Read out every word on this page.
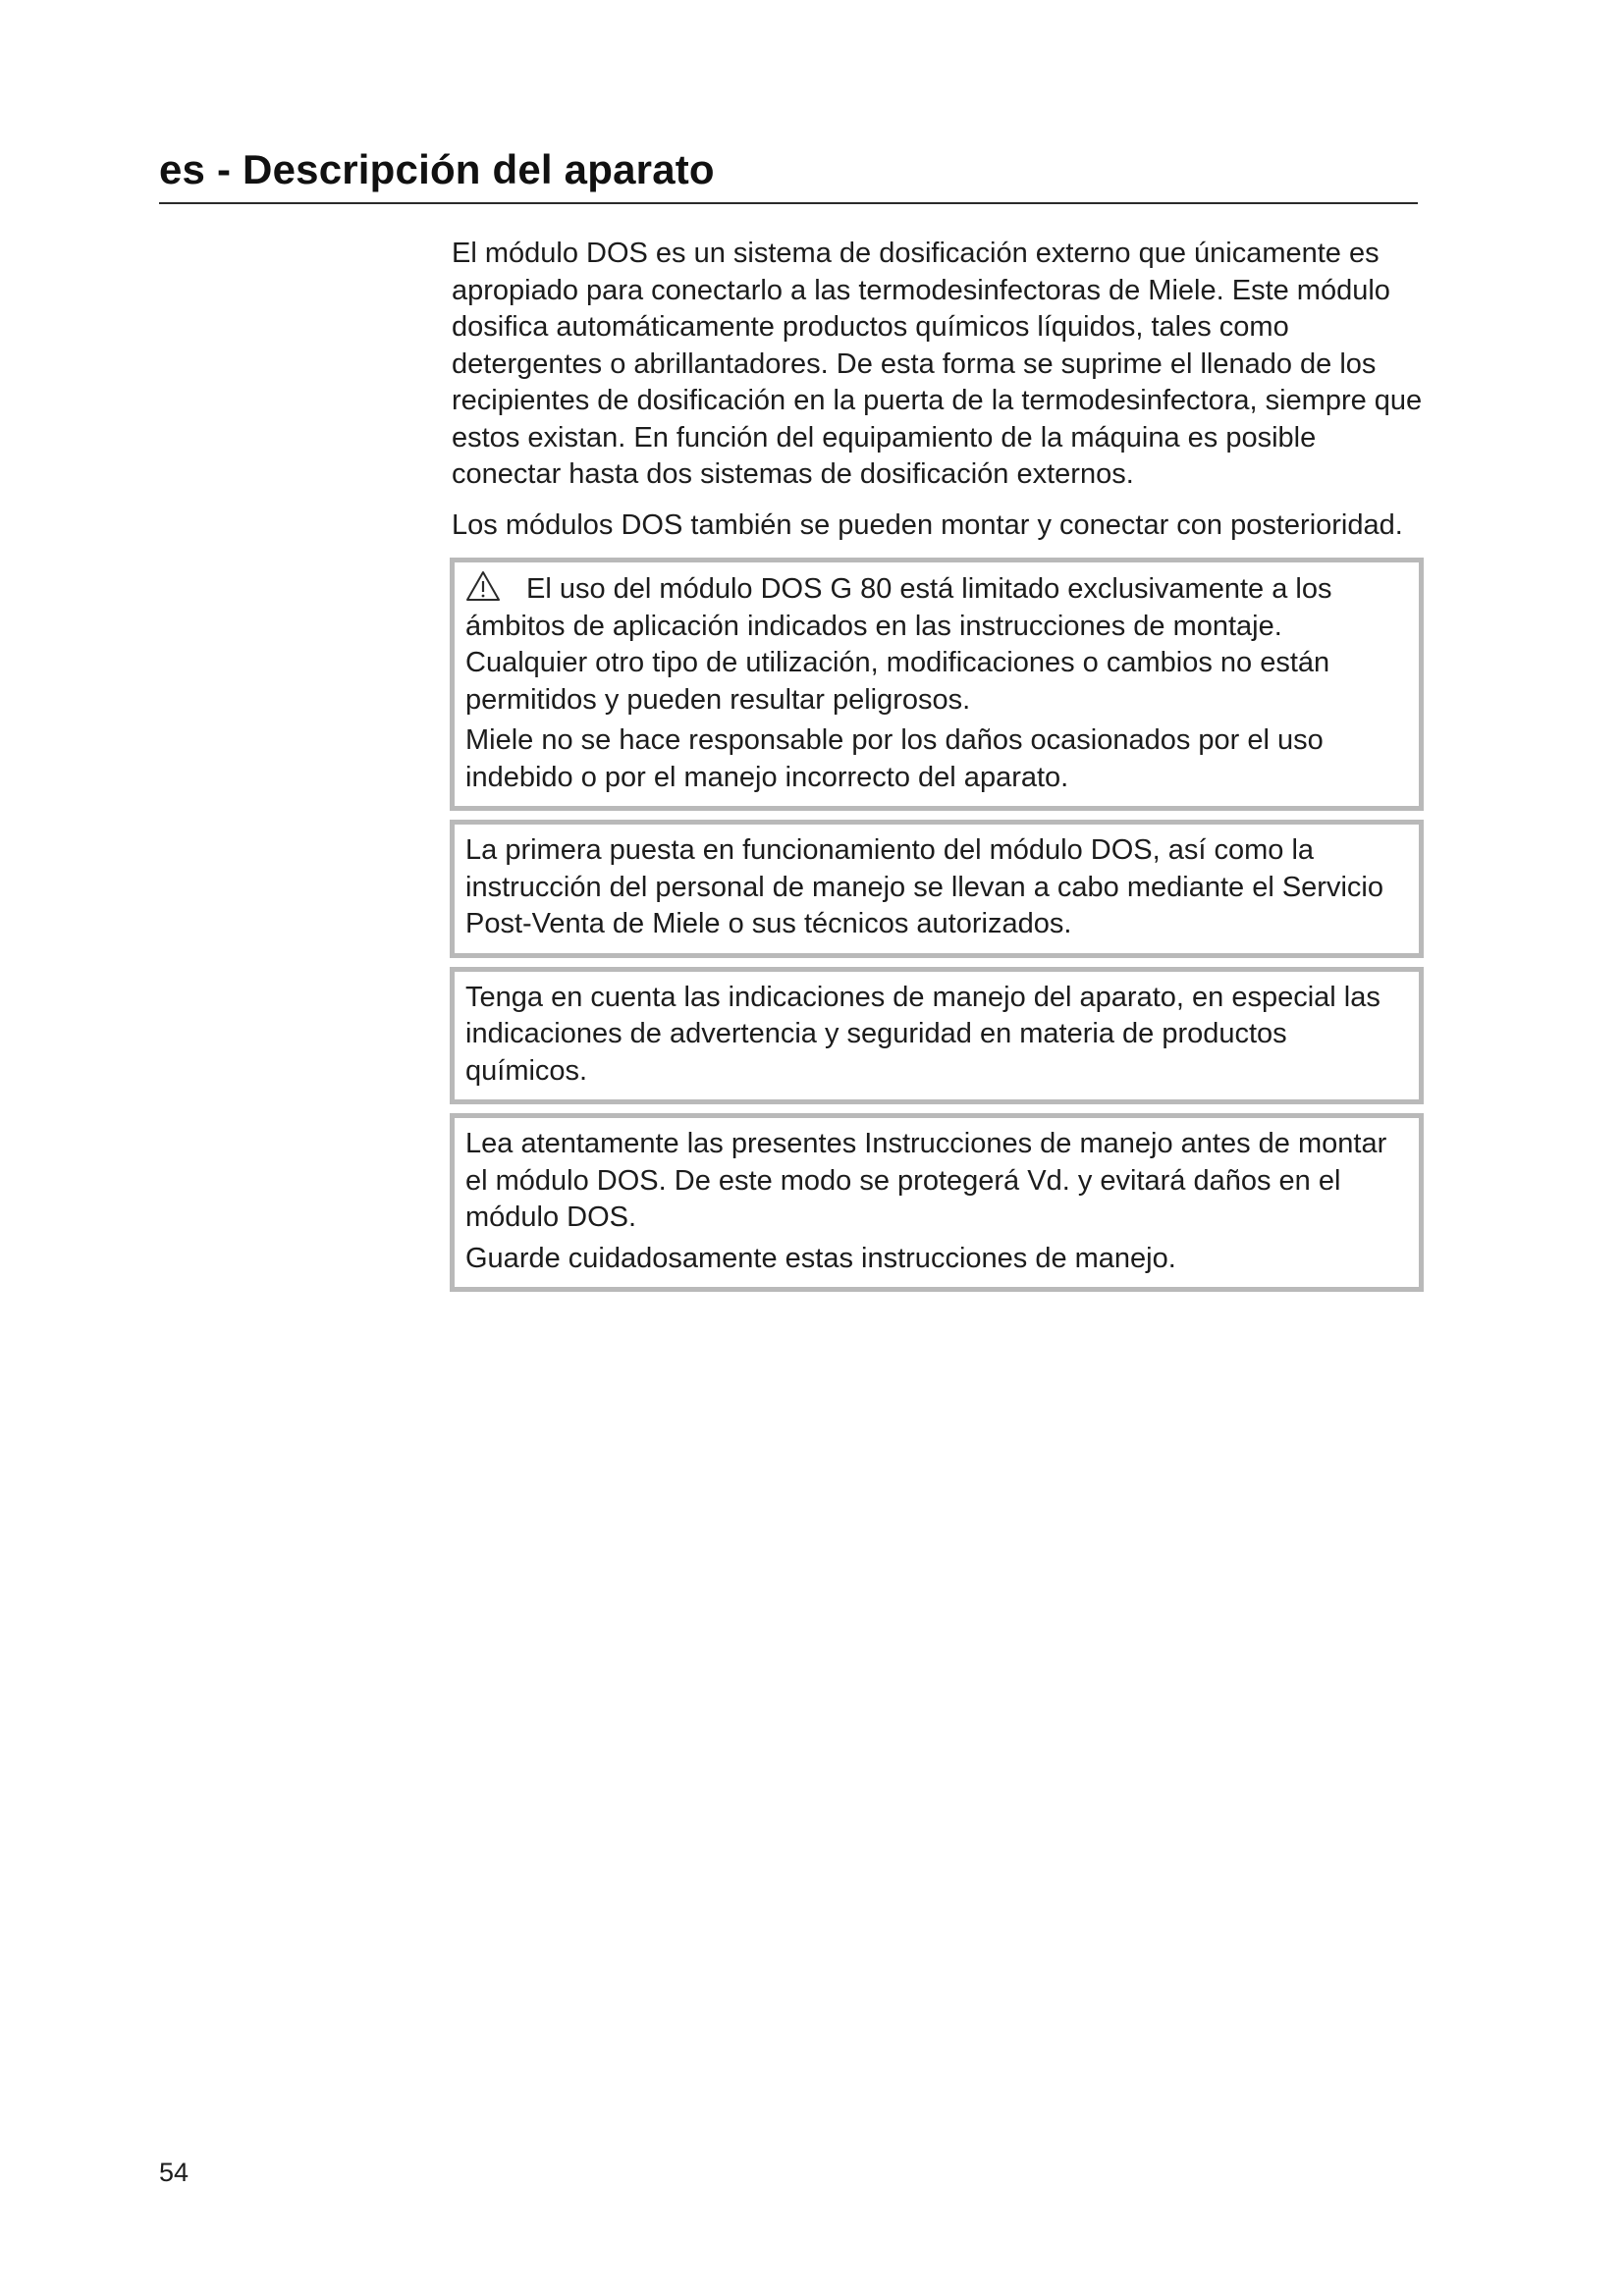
es - Descripción del aparato

El módulo DOS es un sistema de dosificación externo que únicamente es apropiado para conectarlo a las termodesinfectoras de Miele. Este módulo dosifica automáticamente productos químicos líquidos, tales como detergentes o abrillantadores. De esta forma se suprime el llenado de los recipientes de dosificación en la puerta de la termodesinfectora, siempre que estos existan. En función del equipamiento de la máquina es posible conectar hasta dos sistemas de dosificación externos.

Los módulos DOS también se pueden montar y conectar con posterioridad.

El uso del módulo DOS G 80 está limitado exclusivamente a los ámbitos de aplicación indicados en las instrucciones de montaje. Cualquier otro tipo de utilización, modificaciones o cambios no están permitidos y pueden resultar peligrosos.

Miele no se hace responsable por los daños ocasionados por el uso indebido o por el manejo incorrecto del aparato.

La primera puesta en funcionamiento del módulo DOS, así como la instrucción del personal de manejo se llevan a cabo mediante el Servicio Post-Venta de Miele o sus técnicos autorizados.

Tenga en cuenta las indicaciones de manejo del aparato, en especial las indicaciones de advertencia y seguridad en materia de productos químicos.

Lea atentamente las presentes Instrucciones de manejo antes de montar el módulo DOS. De este modo se protegerá Vd. y evitará daños en el módulo DOS.

Guarde cuidadosamente estas instrucciones de manejo.

54
